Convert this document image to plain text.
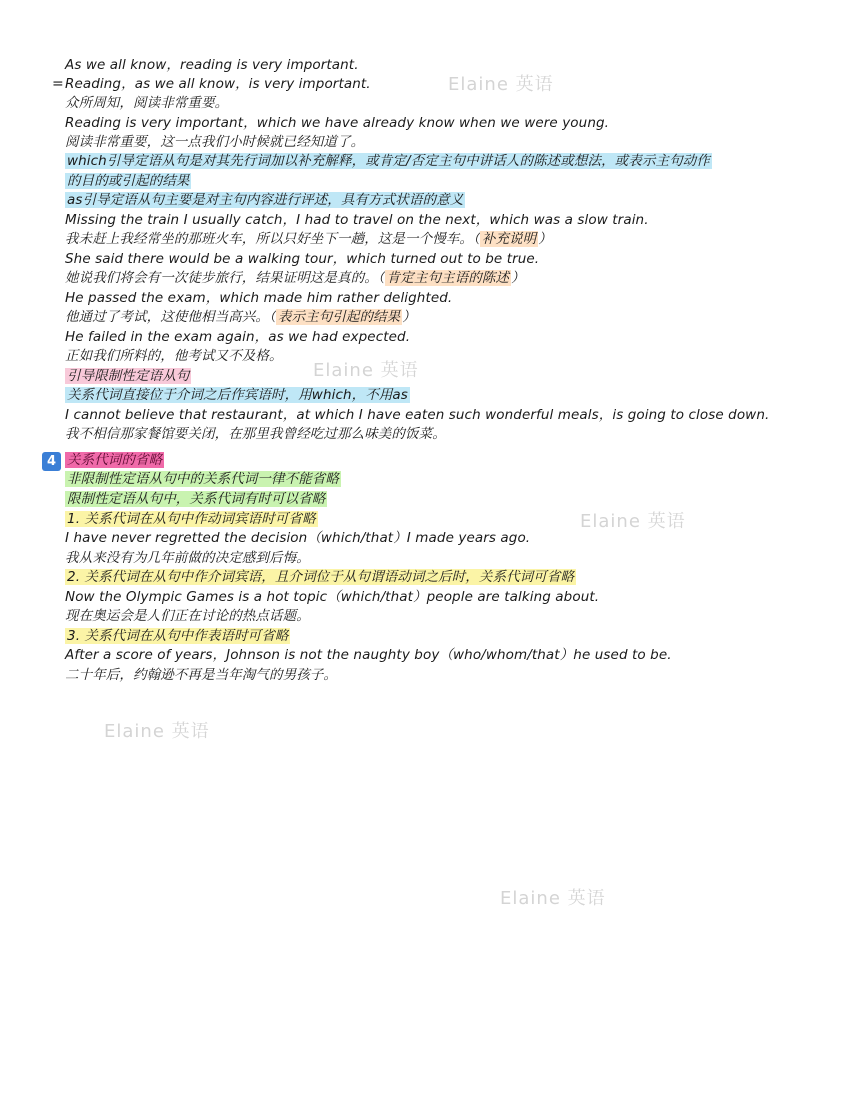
Elaine 英语
Elaine 英语
Elaine 英语
Elaine 英语
Elaine 英语
=
As we all know，reading is very important.
Reading，as we all know，is very important.
众所周知，阅读非常重要。
Reading is very important，which we have already know when we were young.
阅读非常重要，这一点我们小时候就已经知道了。
which引导定语从句是对其先行词加以补充解释，或肯定/否定主句中讲话人的陈述或想法，或表示主句动作
的目的或引起的结果
as引导定语从句主要是对主句内容进行评述，具有方式状语的意义
Missing the train I usually catch，I had to travel on the next，which was a slow train.
我未赶上我经常坐的那班火车，所以只好坐下一趟，这是一个慢车。（ 补充说明 ）
She said there would be a walking tour，which turned out to be true.
她说我们将会有一次徒步旅行，结果证明这是真的。（ 肯定主句主语的陈述 ）
He passed the exam，which made him rather delighted.
他通过了考试，这使他相当高兴。（ 表示主句引起的结果 ）
He failed in the exam again，as we had expected.
正如我们所料的，他考试又不及格。
引导限制性定语从句
关系代词直接位于介词之后作宾语时，用which，不用as
I cannot believe that restaurant，at which I have eaten such wonderful meals，is going to close down.
我不相信那家餐馆要关闭，在那里我曾经吃过那么味美的饭菜。
4 关系代词的省略
非限制性定语从句中的关系代词一律不能省略
限制性定语从句中，关系代词有时可以省略
1. 关系代词在从句中作动词宾语时可省略
I have never regretted the decision（which/that）I made years ago.
我从来没有为几年前做的决定感到后悔。
2. 关系代词在从句中作介词宾语，且介词位于从句谓语动词之后时，关系代词可省略
Now the Olympic Games is a hot topic（which/that）people are talking about.
现在奥运会是人们正在讨论的热点话题。
3. 关系代词在从句中作表语时可省略
After a score of years，Johnson is not the naughty boy（who/whom/that）he used to be.
二十年后，约翰逊不再是当年淘气的男孩子。
